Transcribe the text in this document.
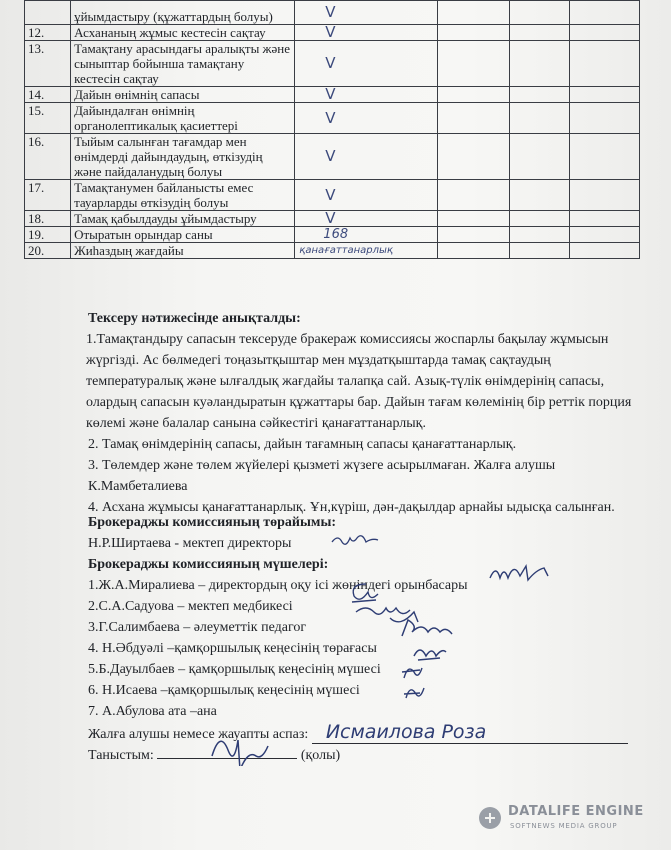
	ұйымдастыру (құжаттардың болуы)	V			
12.	Асхананың жұмыс кестесін сақтау	V			
13.	Тамақтану арасындағы аралықты және сыныптар бойынша тамақтану кестесін сақтау	V			
14.	Дайын өнімнің сапасы	V			
15.	Дайындалған өнімнің органолептикалық қасиеттері	V			
16.	Тыйым салынған тағамдар мен өнімдерді дайындаудың, өткізудің және пайдаланудың болуы	V			
17.	Тамақтанумен байланысты емес тауарларды өткізудің болуы	V			
18.	Тамақ қабылдауды ұйымдастыру	V			
19.	Отыратын орындар саны	168			
20.	Жиһаздың жағдайы	қанағаттанарлық			
Тексеру нәтижесінде анықталды:
1.Тамақтандыру сапасын тексеруде бракераж комиссиясы жоспарлы бақылау жұмысын жүргізді. Ас бөлмедегі тоңазытқыштар мен мұздатқыштарда тамақ сақтаудың температуралық және ылғалдық жағдайы талапқа сай. Азық-түлік өнімдерінің сапасы, олардың сапасын куәландыратын құжаттары бар. Дайын тағам көлемінің бір реттік порция көлемі және балалар санына сәйкестігі қанағаттанарлық.
2. Тамақ өнімдерінің сапасы, дайын тағамның сапасы қанағаттанарлық.
3. Төлемдер және төлем жүйелері қызметі жүзеге асырылмаған. Жалға алушы К.Мамбеталиева
4. Асхана жұмысы қанағаттанарлық. Ұн,күріш, дән-дақылдар арнайы ыдысқа салынған.
Брокераджы комиссияның төрайымы:
Н.Р.Ширтаева - мектеп директоры
Брокераджы комиссияның мүшелері:
1.Ж.А.Миралиева – директордың оқу ісі жөніндегі орынбасары
2.С.А.Садуова – мектеп медбикесі
3.Г.Салимбаева – әлеуметтік педагог
4. Н.Әбдуәлі –қамқоршылық кеңесінің төрағасы
5.Б.Дауылбаев – қамқоршылық кеңесінің мүшесі
6. Н.Исаева –қамқоршылық кеңесінің мүшесі
7. А.Абулова ата –ана
Жалға алушы немесе жауапты аспаз: Исмаилова Роза
Таныстым:	(қолы)
DATALIFE ENGINE
SOFTNEWS MEDIA GROUP
